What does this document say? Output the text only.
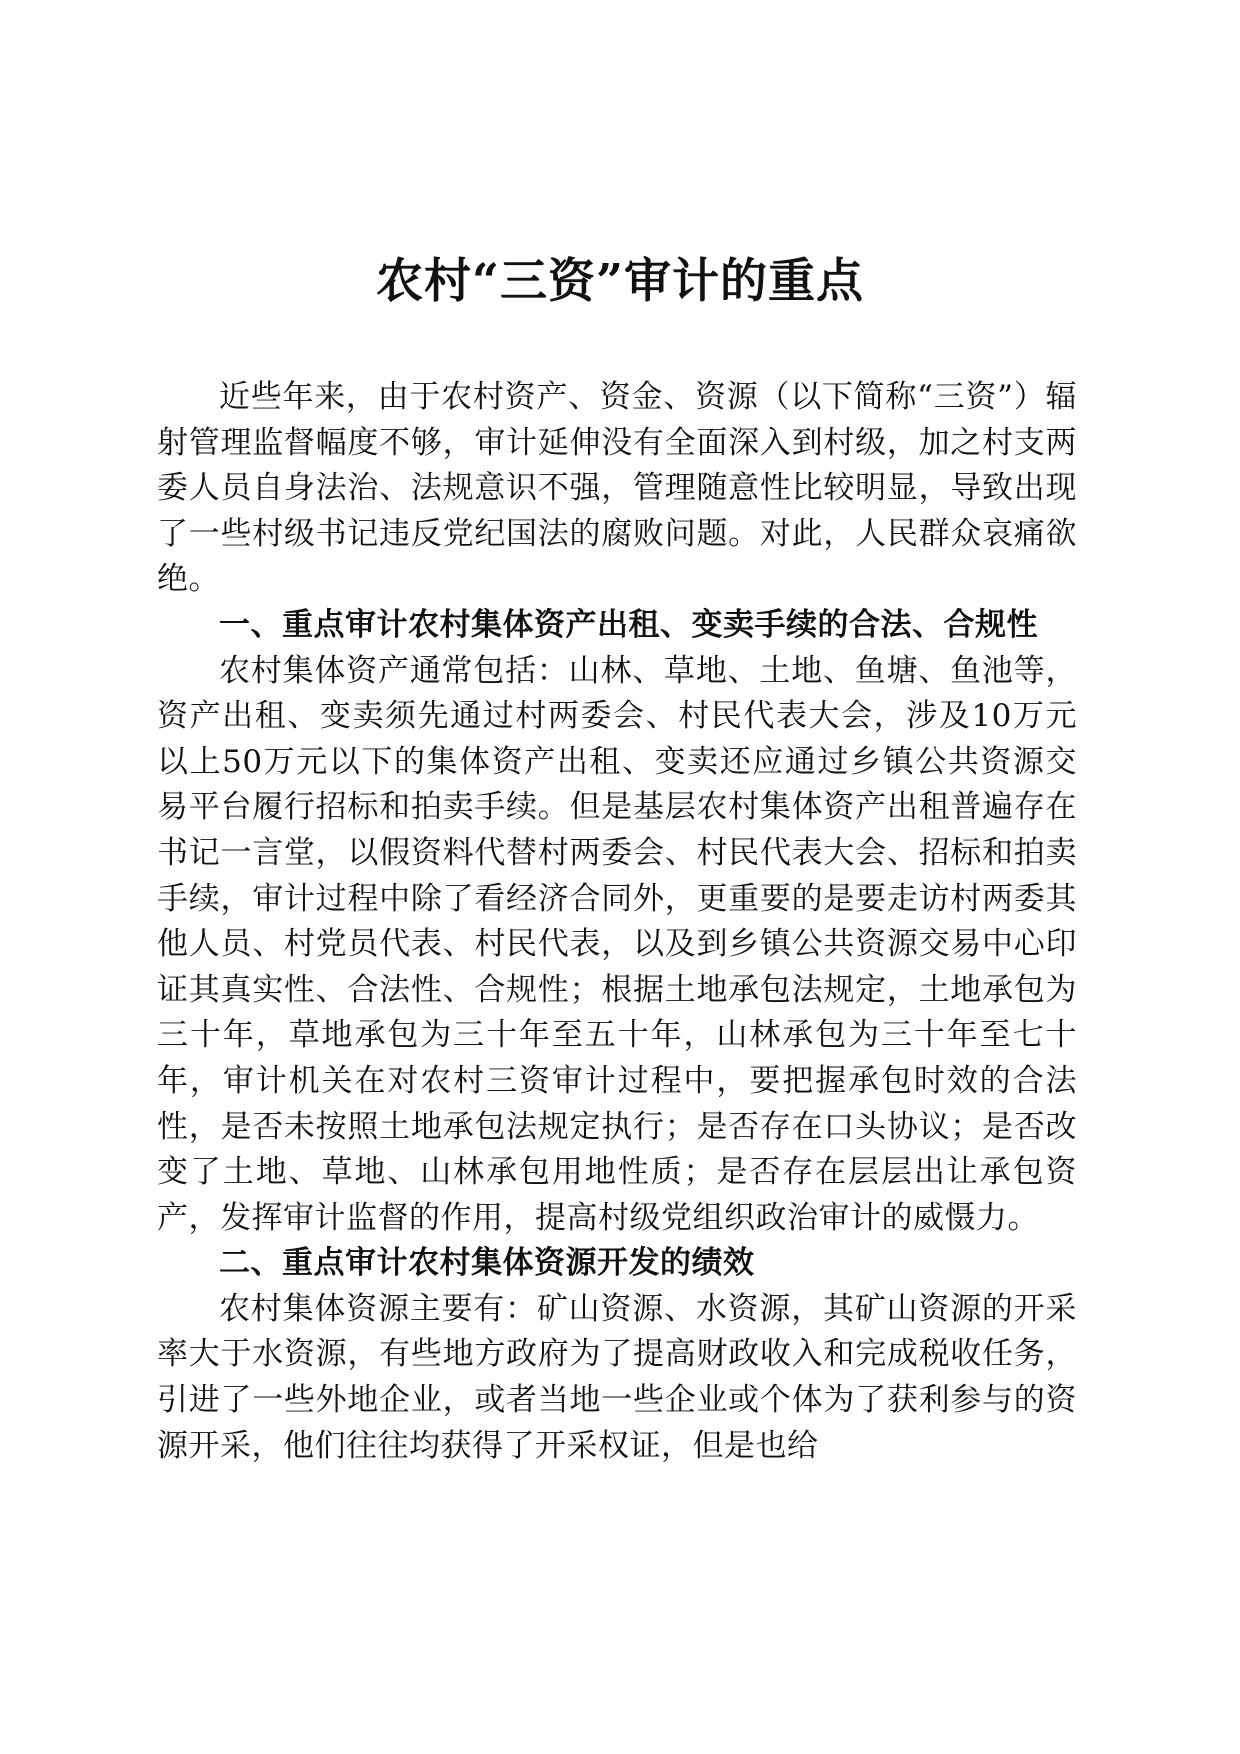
农村“三资”审计的重点

近些年来，由于农村资产、资金、资源（以下简称“三资”）辐射管理监督幅度不够，审计延伸没有全面深入到村级，加之村支两委人员自身法治、法规意识不强，管理随意性比较明显，导致出现了一些村级书记违反党纪国法的腐败问题。对此，人民群众哀痛欲绝。

一、重点审计农村集体资产出租、变卖手续的合法、合规性

农村集体资产通常包括：山林、草地、土地、鱼塘、鱼池等，资产出租、变卖须先通过村两委会、村民代表大会，涉及10万元以上50万元以下的集体资产出租、变卖还应通过乡镇公共资源交易平台履行招标和拍卖手续。但是基层农村集体资产出租普遍存在书记一言堂，以假资料代替村两委会、村民代表大会、招标和拍卖手续，审计过程中除了看经济合同外，更重要的是要走访村两委其他人员、村党员代表、村民代表，以及到乡镇公共资源交易中心印证其真实性、合法性、合规性；根据土地承包法规定，土地承包为三十年，草地承包为三十年至五十年，山林承包为三十年至七十年，审计机关在对农村三资审计过程中，要把握承包时效的合法性，是否未按照土地承包法规定执行；是否存在口头协议；是否改变了土地、草地、山林承包用地性质；是否存在层层出让承包资产，发挥审计监督的作用，提高村级党组织政治审计的威慑力。

二、重点审计农村集体资源开发的绩效

农村集体资源主要有：矿山资源、水资源，其矿山资源的开采率大于水资源，有些地方政府为了提高财政收入和完成税收任务，引进了一些外地企业，或者当地一些企业或个体为了获利参与的资源开采，他们往往均获得了开采权证，但是也给
